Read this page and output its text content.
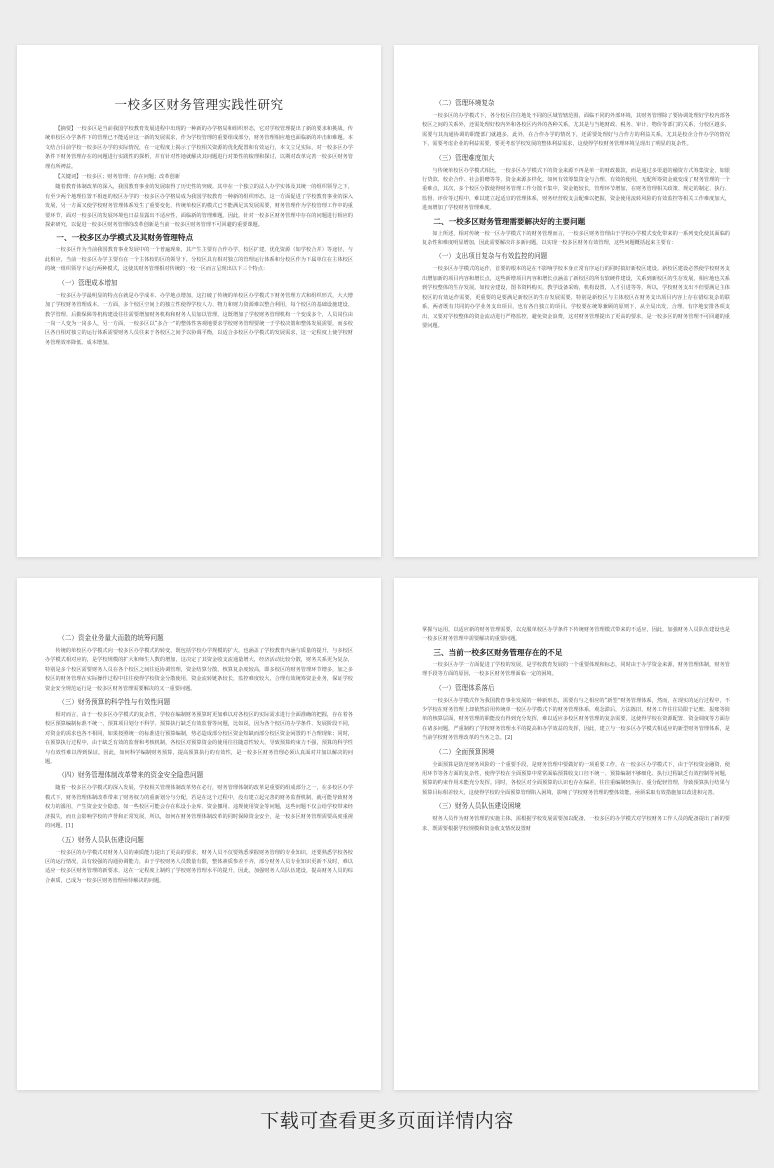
一校多区财务管理实践性研究

【摘要】一校多区是当前我国学校教育发展进程中出现的一种新的办学格局和组织形态，它对学校管理提出了新的要求和挑战。传统单校区办学条件下的管理已不能适应这一新的发展需求，作为学校管理的重要组成部分，财务管理相应地也面临新的冲击和难题。本文结合目前学校一校多区办学的实际情况，在一定程度上揭示了学校相关资源的优化配置和有效运行，本文立足实际，对一校多区办学条件下财务管理存在的问题进行实践性的探析，并有针对性地就解决其问题进行对策性的梳理和探讨，以期对改革完善一校多区财务管理有所裨益。

【关键词】一校多区；财务管理；存在问题；改革创新

随着教育体制改革的深入，我国教育事业的发展取得了历史性的突破。其中在一个独立的法人办学实体及其统一的组织领导之下，有至少两个地理位置不相连的校区办学的一校多区办学格局成为我国学校教育一种新的组织形态。这一方面促进了学校教育事业的深入发展，另一方面又使学校财务管理体系发生了重要变化，传统单校区的模式已不能满足其发展需要，财务管理作为学校管理工作中的重要环节，面对一校多区的发展环境也日益显露出不适应性，面临新的管理难题。因此，针对一校多区财务管理中存在的问题进行相应的探索研究，以促进一校多区财务管理的改革创新是当前一校多区财务管理不可回避的重要课题。

一、一校多区办学模式及其财务管理特点

一校多区作为当前我国教育事业发展中的一个普遍现象，其产生主要有合作办学，校区扩建，优化资源（如学校合并）等途径，与此相应，当前一校多区办学主要有在一个主体校的区的领导下，分校区具有相对独立的管理运行体系和分校区作为下属单位在主体校区的统一组织领导下运行两种模式，这使其财务管理相对传统的一校一区而言呈现出以下三个特点：

（一）管理成本增加

一校多区办学最明显的特点在就是办学成本、办学地点增加，这打破了传统的单校区办学模式下财务管理方式和组织形式，大大增加了学校财务管理成本。一方面，多个校区空间上的独立性使得学校人力、物力和财力资源难以整合利用，每个校区的基础设施建设、教学管理、后勤保障等机构建设往往需要增加财务机构和财务人员加以管理，这既增加了学校财务管理机构一个变成多个，人员岗位由一岗一人变为一岗多人，另一方面，一校多区以“多合一”的整体性客观地要求学校财务管理要统一于学校决策和整体发展需要，而多校区各自相对独立的运行体系需要财务人员往来于各校区之间予以协调平衡，以适合多校区办学模式的发展需求，这一定程度上使学校财务管理效率降低、成本增加。

（二）管理环境复杂

一校多区的办学模式下，各分校区往往地处不同的区域管辖范围，面临不同的外部环境，其财务管理除了要协调处理好学校内部各校区之间的关系外，还需处理好校内外和各校区内外的各种关系，尤其是与当地财政、税务、审计、物价等部门的关系，分校区越多，需要与其沟通协调的职能部门就越多，此外，在合作办学的情况下，还需要处理好与合作方的利益关系，尤其是校企合作办学的情况下，需要考虑企业的利益需要，要更考虑学校发展的整体利益需求，这使得学校财务管理环境呈现出了明显的复杂性。

（三）管理难度加大

与传统单校区办学模式相比，一校多区办学模式下的资金来源不再是单一的财政拨款，而是通过多渠道的融资方式筹集资金，如银行贷款、校企合作、社会捐赠等等，资金来源多样化，如何有效筹集资金与合理、有效的使用，无配所筹资金就变成了财务管理的一个重难点，其次，多个校区分散使得财务管理工作分散不集中，资金链较长，管理环节增加，在财务管理相关政策、规定的制定、执行、监督、评价等过程中，难以建立起适宜的管理体系，财务经营收支会配难以把握，资金使用流转风险的有效监控等相关工作难度加大，进而增加了学校财务管理难度。

二、一校多区财务管理需要解决好的主要问题

如上所述，相对传统一校一区办学模式下的财务管理而言，一校多区财务管理由于学校办学模式变化带来的一系列变化使其面临的复杂性和难度明显增加，因此需要解决许多新问题，以实现一校多区财务有效管理，这些问题概括起来主要有：

（一）支出项目复杂与有效监控的问题

一校多区办学模式的运作，首要的根本的是在不影响学校本身正常有序运行的同时搞好新校区建设。新校区建设必然使学校财务支出增加新的项目内容和增长点，这些新增项目内容和增长点涵盖了新校区的所有软硬件建设，关系到新校区的生存发展，相应地也关系到学校整体的生存发展。如校舍建设，图书资料购买，教学设备采购，机构设置，人才引进等等，所以，学校财务支出不但要满足主体校区的有效运作需要，更重要的是要满足新校区的生存发展需要，特别是新校区与主体校区在财务支出项目内容上存在错综复杂的联系，两者既有共同的办学业务支出项目，也有各自独立的项目。学校要在统筹兼顾的原则下，从全局出发，合理、有序地安排各项支出，又要对学校整体的资金流动进行严格监控，避免资金浪费，这对财务管理提出了更高的要求，是一校多区的财务管理不可回避的重要问题。

（二）资金业务量大而散的统筹问题

传统的单校区办学模式向一校多区办学模式的转变，既包括学校办学规模的扩大，也涵盖了学校教育内涵与质量的提升，与多校区办学模式相对应的，是学校规模的扩大和师生人数的增加，这决定了其资金收支流通量增大，经济活动比较分散，财务关系更为复杂，特别是多个校区需要财务人员在各个校区之间往返协调管理，资金结算分散，核算复杂度较高，即多校区的财务管理环节增多，加之多校区的财务管理在实际操作过程中往往使得学校资金分散使用，资金流转链条较长，监控难度较大，合理有效统筹资金业务，保证学校资金安全规范运行是一校多区财务管理需要解决的又一重要问题。

（三）财务预算的科学性与有效性问题

相对而言，由于一校多区办学模式的复杂性，学校在编制财务预算时更加难以对各校区的实际需求进行全面准确的把握，存在着各校区预算编制标准不统一、预算项目划分不科学、预算执行缺乏有效监督等问题，比如说，因为各个校区的办学条件、发展阶段不同，对资金的需求也各不相同，如果按照统一的标准进行预算编制，势必造成部分校区资金短缺而部分校区资金闲置的不合理现象；同时，在预算执行过程中，由于缺乏有效的监督和考核机制，各校区对预算资金的使用往往随意性较大，导致预算约束力不强，预算的科学性与有效性难以得到保证。因此，如何科学编制财务预算，提高预算执行的有效性，是一校多区财务管理必须认真面对并加以解决的问题。

（四）财务管理体制改革带来的资金安全隐患问题

随着一校多区办学模式的深入发展，学校相关管理体制改革势在必行，财务管理体制的改革是重要的组成部分之一，在多校区办学模式下，财务管理体制改革带来了财务权力的重新划分与分配，若是在这个过程中，没有建立起完善的财务监督机制，就可能导致财务权力的滥用，产生资金安全隐患，如一些校区可能会存在私设小金库、资金挪用、违规使用资金等问题，这些问题不仅会给学校带来经济损失，而且会影响学校的声誉和正常发展，所以，如何在财务管理体制改革的同时保障资金安全，是一校多区财务管理需要高度重视的问题。[1]

（五）财务人员队伍建设问题

一校多区的办学模式对财务人员的素质能力提出了更高的要求，财务人员不仅要熟悉掌握财务管理的专业知识，还要熟悉学校各校区的运行情况，具有较强的沟通协调能力，由于学校财务人员数量有限，整体素质参差不齐，部分财务人员专业知识更新不及时，难以适应一校多区财务管理的新要求，这在一定程度上制约了学校财务管理水平的提升，因此，加强财务人员队伍建设，提高财务人员的综合素质，已成为一校多区财务管理亟待解决的问题。

掌握与运用，以适应新的财务管理需要，以克服单校区办学条件下传统财务管理模式带来的不适应，因此，加强财务人员队伍建设也是一校多区财务管理中需要解决的重要问题。

三、当前一校多区财务管理存在的不足

一校多区办学一方面促进了学校的发展，是学校教育发展的一个重要体现和标志，同时由于办学资金来源，财务管理体制，财务管理手段等方面的原因，一校多区财务管理面临一定的困境。

（一）管理体系落后

一校多区办学模式作为我国教育事业发展的一种新形态，需要有与之相应的“新型”财务管理体系，然而，在现实的运行过程中，不少学校在财务管理上却依然沿用传统单一校区办学模式下的财务管理体系，观念滞后，方法陈旧，财务工作往往局限于记账、报账等简单的核算层面，财务管理的职能没有得到充分发挥，难以适应多校区财务管理的复杂需要，这使得学校在资源配置、资金调度等方面存在诸多问题，严重制约了学校财务管理水平的提高和办学效益的发挥，因此，建立与一校多区办学模式相适应的新型财务管理体系，是当前学校财务管理改革的当务之急。[2]

（二）全面预算困境

全面预算是防范财务风险的一个重要手段，是财务管理中要做好的一项重要工作，在一校多区办学模式下，由于学校资金融资，使用环节等各方面的复杂性，使得学校在全面预算中常常面临预算收支口径不统一、预算编制不够细化、执行过程缺乏有效控制等问题，预算的约束作用未能充分发挥。同时，各校区对全面预算的认识也存在偏差，往往重编制轻执行、重分配轻管理，导致预算执行结果与预算目标相差较大，这使得学校的全面预算管理陷入困境，影响了学校财务管理的整体效能，亟须采取有效措施加以改进和完善。

（三）财务人员队伍建设困境

财务人员作为财务管理的实施主体，需根据学校发展需要加以配备，一校多区的办学模式对学校财务工作人员的配备提出了新的要求，既需要根据学校规模和资金收支情况设置财

下载可查看更多页面详情内容
